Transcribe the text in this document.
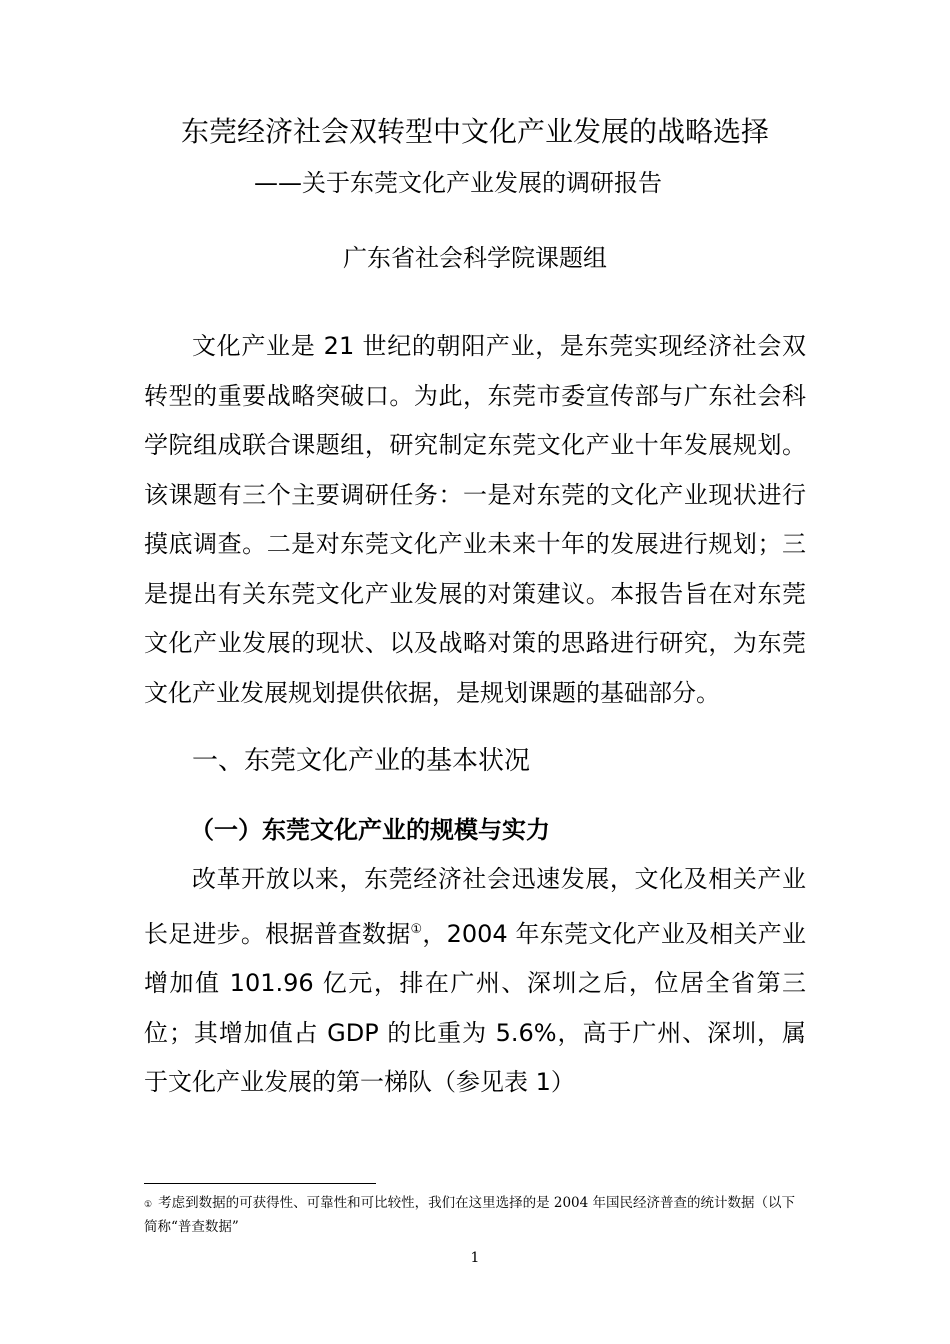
东莞经济社会双转型中文化产业发展的战略选择
——关于东莞文化产业发展的调研报告
广东省社会科学院课题组

文化产业是 21 世纪的朝阳产业，是东莞实现经济社会双转型的重要战略突破口。为此，东莞市委宣传部与广东社会科学院组成联合课题组，研究制定东莞文化产业十年发展规划。该课题有三个主要调研任务：一是对东莞的文化产业现状进行摸底调查。二是对东莞文化产业未来十年的发展进行规划；三是提出有关东莞文化产业发展的对策建议。本报告旨在对东莞文化产业发展的现状、以及战略对策的思路进行研究，为东莞文化产业发展规划提供依据，是规划课题的基础部分。

一、东莞文化产业的基本状况
（一）东莞文化产业的规模与实力

改革开放以来，东莞经济社会迅速发展，文化及相关产业长足进步。根据普查数据①，2004 年东莞文化产业及相关产业增加值 101.96 亿元，排在广州、深圳之后，位居全省第三位；其增加值占 GDP 的比重为 5.6%，高于广州、深圳，属于文化产业发展的第一梯队（参见表 1）

① 考虑到数据的可获得性、可靠性和可比较性，我们在这里选择的是 2004 年国民经济普查的统计数据（以下简称“普查数据”
1
